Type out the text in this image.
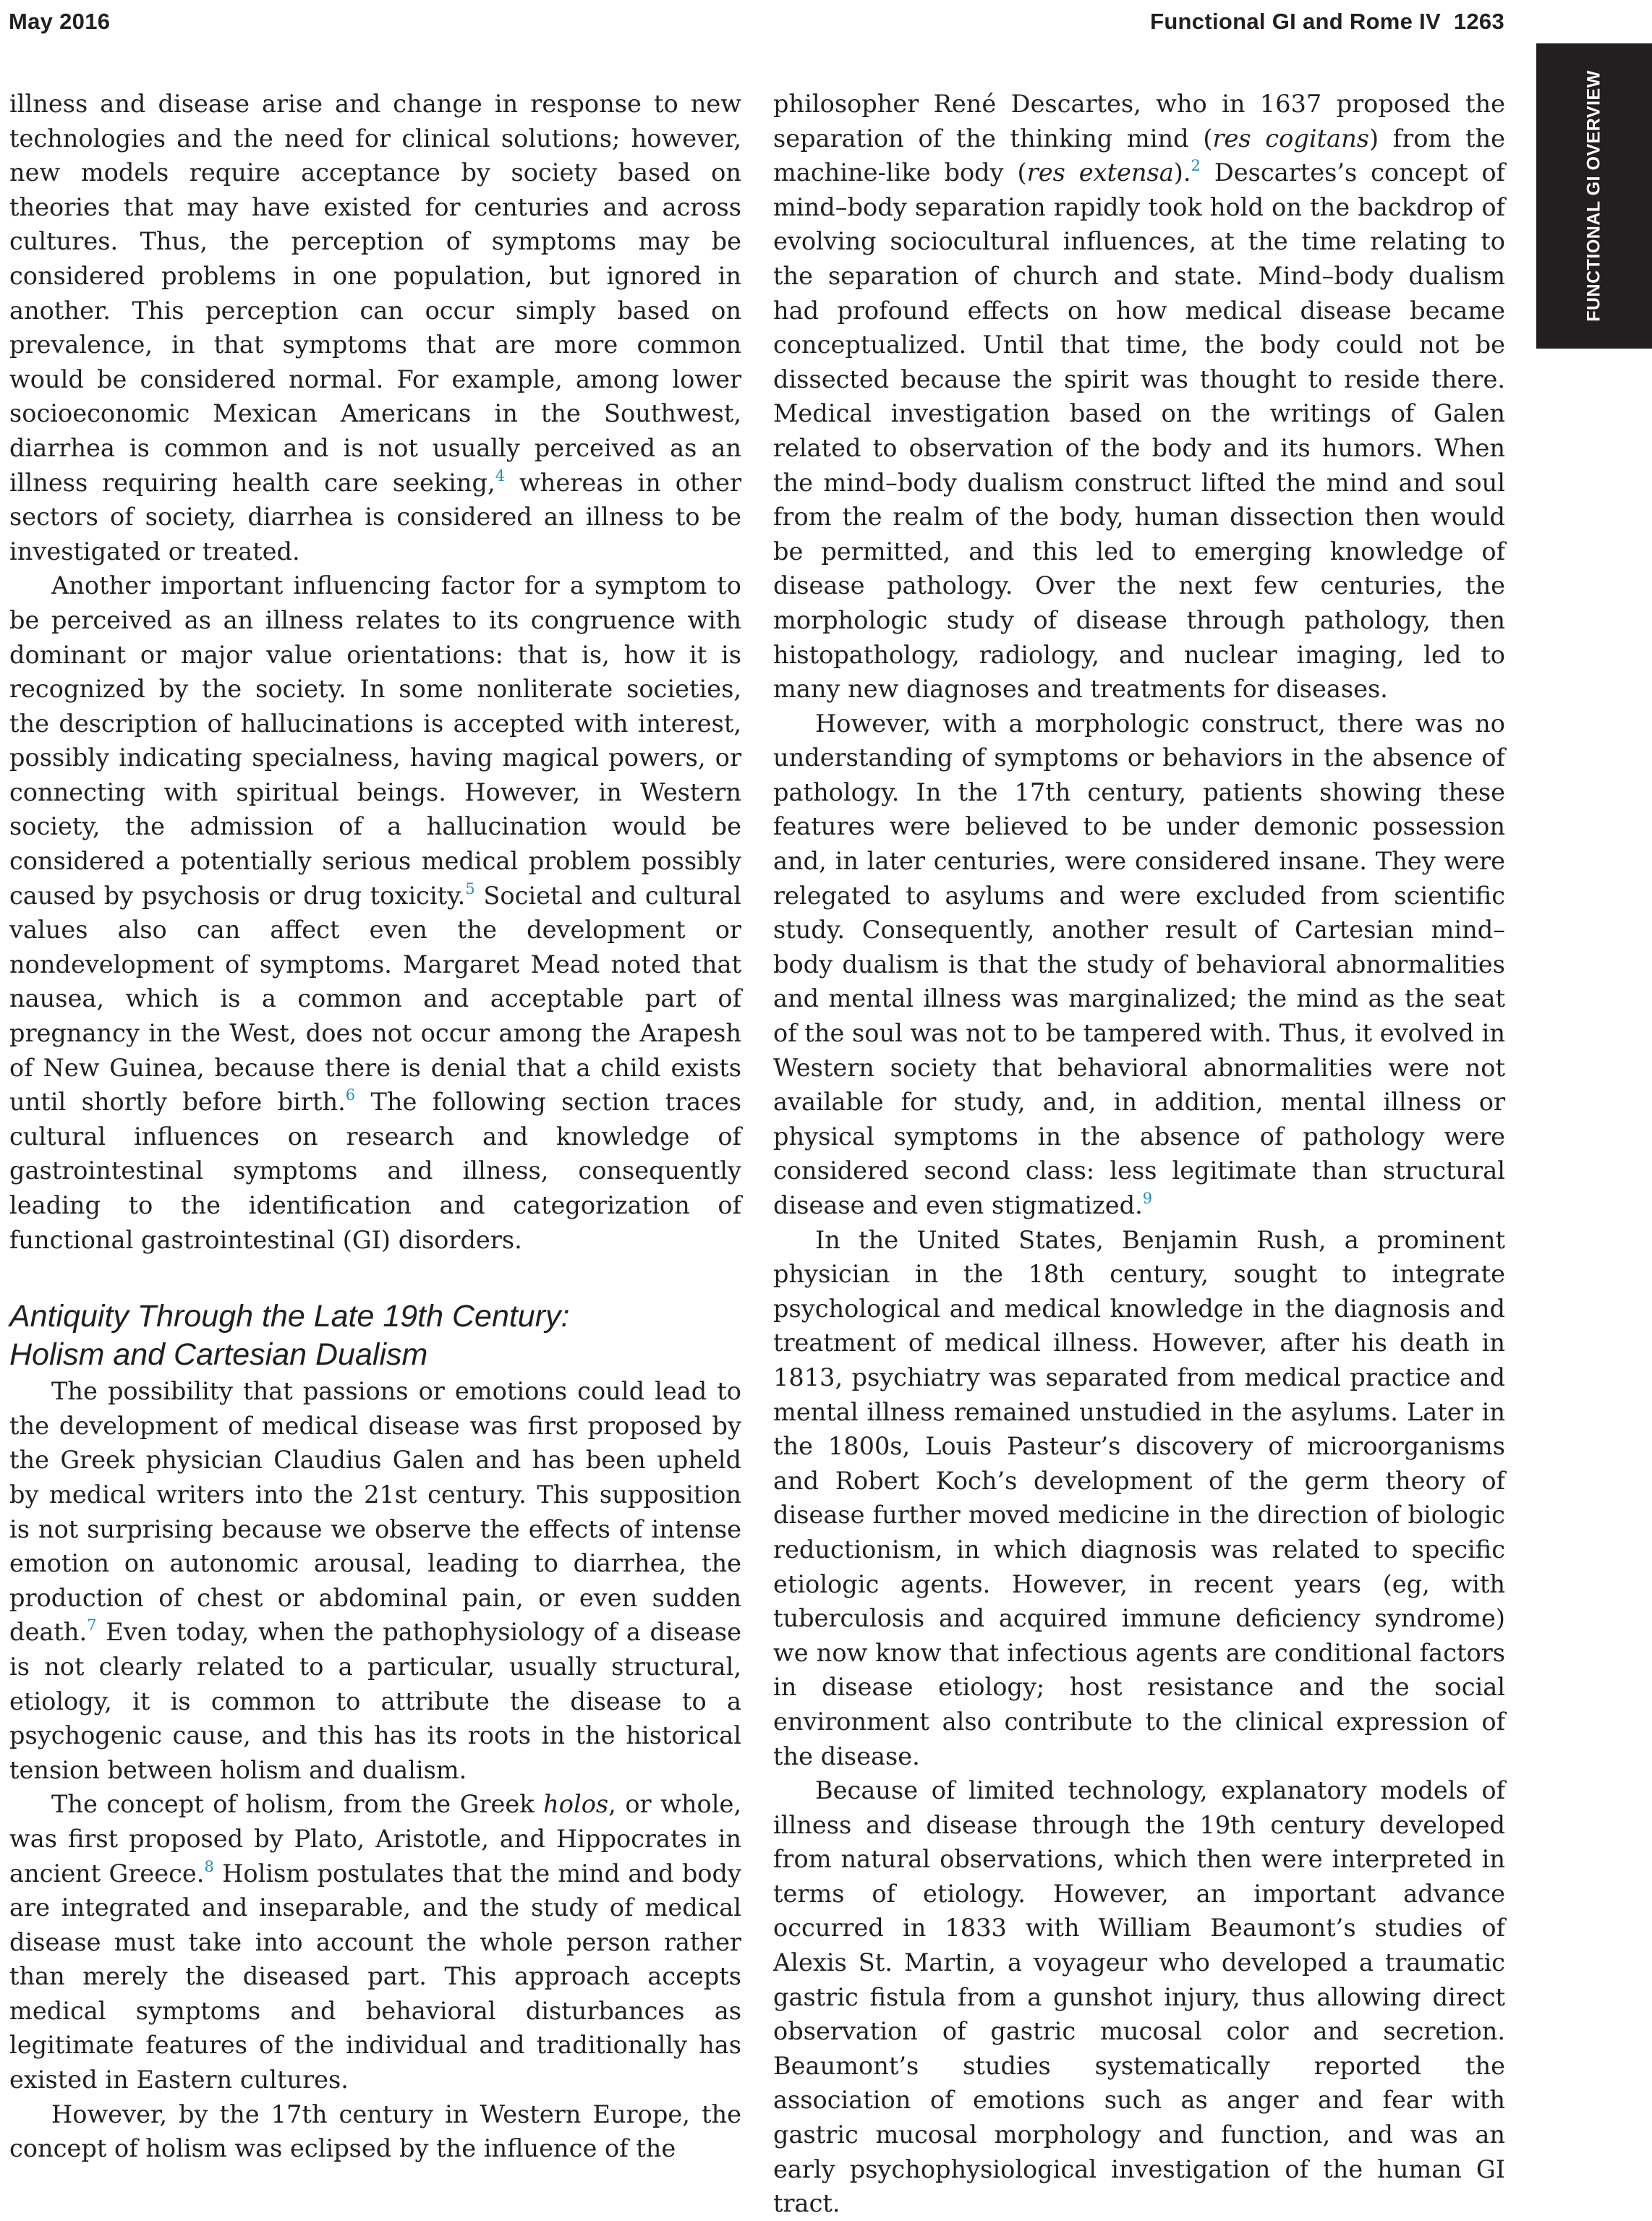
May 2016	Functional GI and Rome IV 1263
FUNCTIONAL GI OVERVIEW

illness and disease arise and change in response to new technologies and the need for clinical solutions; however, new models require acceptance by society based on theories that may have existed for centuries and across cultures. Thus, the perception of symptoms may be considered problems in one population, but ignored in another. This perception can occur simply based on prevalence, in that symptoms that are more common would be considered normal. For example, among lower socioeconomic Mexican Americans in the Southwest, diarrhea is common and is not usually perceived as an illness requiring health care seeking,$^4$ whereas in other sectors of society, diarrhea is considered an illness to be investigated or treated.

Another important influencing factor for a symptom to be perceived as an illness relates to its congruence with dominant or major value orientations: that is, how it is recognized by the society. In some nonliterate societies, the description of hallucinations is accepted with interest, possibly indicating specialness, having magical powers, or connecting with spiritual beings. However, in Western society, the admission of a hallucination would be considered a potentially serious medical problem possibly caused by psychosis or drug toxicity.$^5$ Societal and cultural values also can affect even the development or nondevelopment of symptoms. Margaret Mead noted that nausea, which is a common and acceptable part of pregnancy in the West, does not occur among the Arapesh of New Guinea, because there is denial that a child exists until shortly before birth.$^6$ The following section traces cultural influences on research and knowledge of gastrointestinal symptoms and illness, consequently leading to the identification and categorization of functional gastrointestinal (GI) disorders.

Antiquity Through the Late 19th Century:
Holism and Cartesian Dualism

The possibility that passions or emotions could lead to the development of medical disease was first proposed by the Greek physician Claudius Galen and has been upheld by medical writers into the 21st century. This supposition is not surprising because we observe the effects of intense emotion on autonomic arousal, leading to diarrhea, the production of chest or abdominal pain, or even sudden death.$^7$ Even today, when the pathophysiology of a disease is not clearly related to a particular, usually structural, etiology, it is common to attribute the disease to a psychogenic cause, and this has its roots in the historical tension between holism and dualism.

The concept of holism, from the Greek holos, or whole, was first proposed by Plato, Aristotle, and Hippocrates in ancient Greece.$^8$ Holism postulates that the mind and body are integrated and inseparable, and the study of medical disease must take into account the whole person rather than merely the diseased part. This approach accepts medical symptoms and behavioral disturbances as legitimate features of the individual and traditionally has existed in Eastern cultures.

However, by the 17th century in Western Europe, the concept of holism was eclipsed by the influence of the

philosopher René Descartes, who in 1637 proposed the separation of the thinking mind (res cogitans) from the machine-like body (res extensa).$^2$ Descartes’s concept of mind–body separation rapidly took hold on the backdrop of evolving sociocultural influences, at the time relating to the separation of church and state. Mind–body dualism had profound effects on how medical disease became conceptualized. Until that time, the body could not be dissected because the spirit was thought to reside there. Medical investigation based on the writings of Galen related to observation of the body and its humors. When the mind–body dualism construct lifted the mind and soul from the realm of the body, human dissection then would be permitted, and this led to emerging knowledge of disease pathology. Over the next few centuries, the morphologic study of disease through pathology, then histopathology, radiology, and nuclear imaging, led to many new diagnoses and treatments for diseases.

However, with a morphologic construct, there was no understanding of symptoms or behaviors in the absence of pathology. In the 17th century, patients showing these features were believed to be under demonic possession and, in later centuries, were considered insane. They were relegated to asylums and were excluded from scientific study. Consequently, another result of Cartesian mind–body dualism is that the study of behavioral abnormalities and mental illness was marginalized; the mind as the seat of the soul was not to be tampered with. Thus, it evolved in Western society that behavioral abnormalities were not available for study, and, in addition, mental illness or physical symptoms in the absence of pathology were considered second class: less legitimate than structural disease and even stigmatized.$^9$

In the United States, Benjamin Rush, a prominent physician in the 18th century, sought to integrate psychological and medical knowledge in the diagnosis and treatment of medical illness. However, after his death in 1813, psychiatry was separated from medical practice and mental illness remained unstudied in the asylums. Later in the 1800s, Louis Pasteur’s discovery of microorganisms and Robert Koch’s development of the germ theory of disease further moved medicine in the direction of biologic reductionism, in which diagnosis was related to specific etiologic agents. However, in recent years (eg, with tuberculosis and acquired immune deficiency syndrome) we now know that infectious agents are conditional factors in disease etiology; host resistance and the social environment also contribute to the clinical expression of the disease.

Because of limited technology, explanatory models of illness and disease through the 19th century developed from natural observations, which then were interpreted in terms of etiology. However, an important advance occurred in 1833 with William Beaumont’s studies of Alexis St. Martin, a voyageur who developed a traumatic gastric fistula from a gunshot injury, thus allowing direct observation of gastric mucosal color and secretion. Beaumont’s studies systematically reported the association of emotions such as anger and fear with gastric mucosal morphology and function, and was an early psychophysiological investigation of the human GI tract.
